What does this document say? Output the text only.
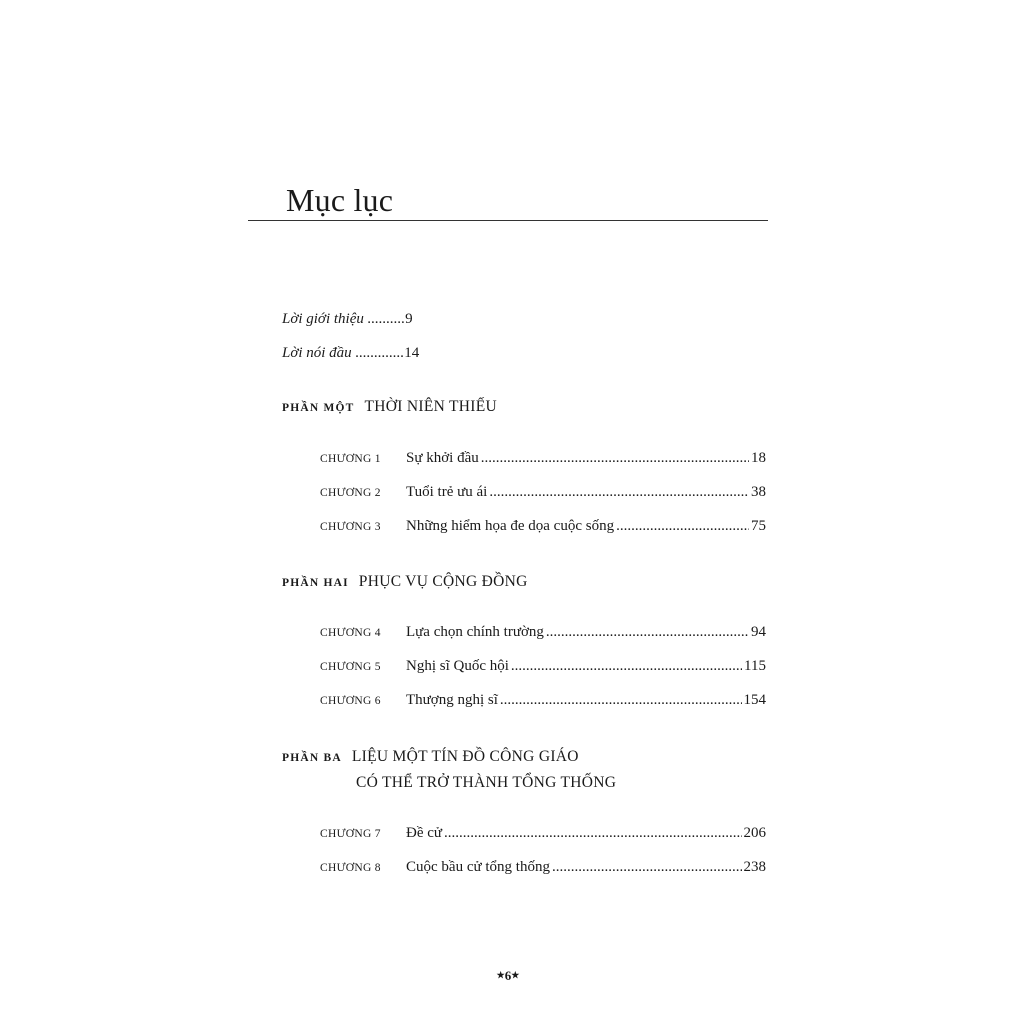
Mục lục
Lời giới thiệu ..........9
Lời nói đầu .............14
PHẦN MỘT THỜI NIÊN THIẾU
CHƯƠNG 1	Sự khởi đầu .....	18
CHƯƠNG 2	Tuổi trẻ ưu ái .....	38
CHƯƠNG 3	Những hiểm họa đe dọa cuộc sống .....	75
PHẦN HAI PHỤC VỤ CỘNG ĐỒNG
CHƯƠNG 4	Lựa chọn chính trường .....	94
CHƯƠNG 5	Nghị sĩ Quốc hội .....	115
CHƯƠNG 6	Thượng nghị sĩ .....	154
PHẦN BA LIỆU MỘT TÍN ĐỒ CÔNG GIÁO
CÓ THỂ TRỞ THÀNH TỔNG THỐNG
CHƯƠNG 7	Đề cử .....	206
CHƯƠNG 8	Cuộc bầu cử tổng thống .....	238
★6★
